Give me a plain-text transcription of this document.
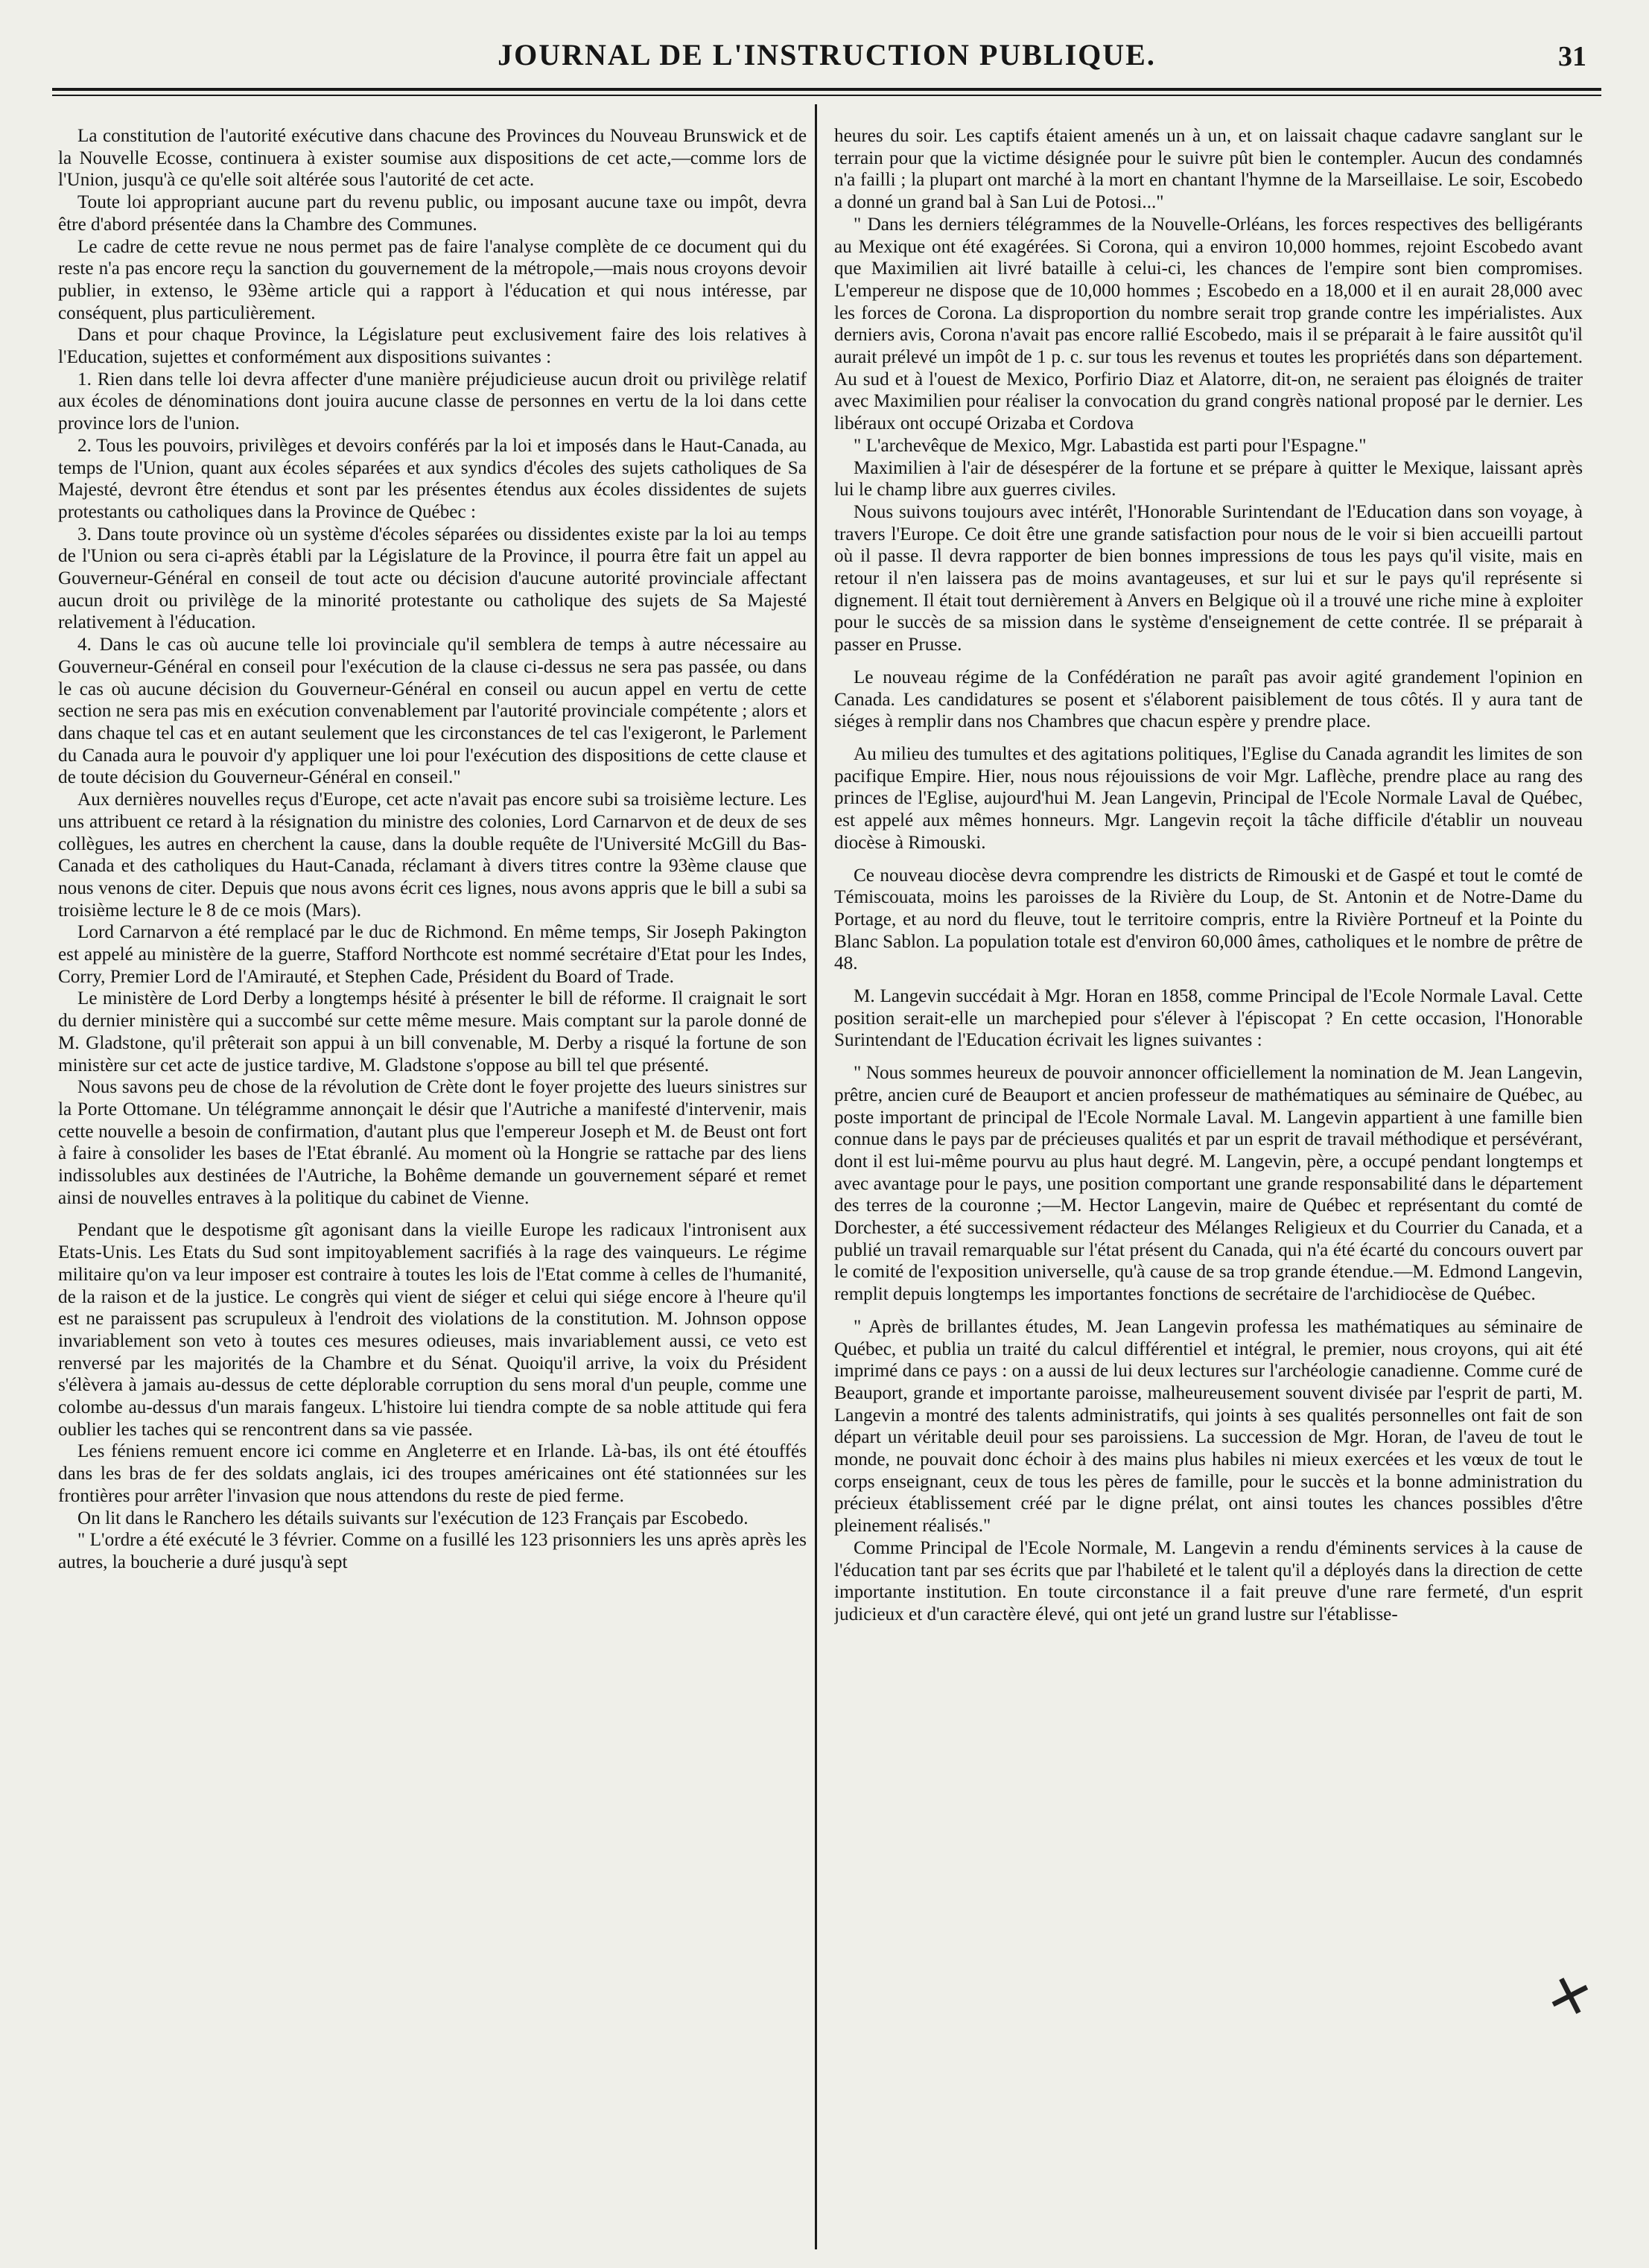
JOURNAL DE L'INSTRUCTION PUBLIQUE.	31

La constitution de l'autorité exécutive dans chacune des Provinces du Nouveau Brunswick et de la Nouvelle Ecosse, continuera à exister soumise aux dispositions de cet acte,—comme lors de l'Union, jusqu'à ce qu'elle soit altérée sous l'autorité de cet acte.

Toute loi appropriant aucune part du revenu public, ou imposant aucune taxe ou impôt, devra être d'abord présentée dans la Chambre des Communes.

Le cadre de cette revue ne nous permet pas de faire l'analyse complète de ce document qui du reste n'a pas encore reçu la sanction du gouvernement de la métropole,—mais nous croyons devoir publier, in extenso, le 93ème article qui a rapport à l'éducation et qui nous intéresse, par conséquent, plus particulièrement.

Dans et pour chaque Province, la Législature peut exclusivement faire des lois relatives à l'Education, sujettes et conformément aux dispositions suivantes :

1. Rien dans telle loi devra affecter d'une manière préjudicieuse aucun droit ou privilège relatif aux écoles de dénominations dont jouira aucune classe de personnes en vertu de la loi dans cette province lors de l'union.

2. Tous les pouvoirs, privilèges et devoirs conférés par la loi et imposés dans le Haut-Canada, au temps de l'Union, quant aux écoles séparées et aux syndics d'écoles des sujets catholiques de Sa Majesté, devront être étendus et sont par les présentes étendus aux écoles dissidentes de sujets protestants ou catholiques dans la Province de Québec :

3. Dans toute province où un système d'écoles séparées ou dissidentes existe par la loi au temps de l'Union ou sera ci-après établi par la Législature de la Province, il pourra être fait un appel au Gouverneur-Général en conseil de tout acte ou décision d'aucune autorité provinciale affectant aucun droit ou privilège de la minorité protestante ou catholique des sujets de Sa Majesté relativement à l'éducation.

4. Dans le cas où aucune telle loi provinciale qu'il semblera de temps à autre nécessaire au Gouverneur-Général en conseil pour l'exécution de la clause ci-dessus ne sera pas passée, ou dans le cas où aucune décision du Gouverneur-Général en conseil ou aucun appel en vertu de cette section ne sera pas mis en exécution convenablement par l'autorité provinciale compétente ; alors et dans chaque tel cas et en autant seulement que les circonstances de tel cas l'exigeront, le Parlement du Canada aura le pouvoir d'y appliquer une loi pour l'exécution des dispositions de cette clause et de toute décision du Gouverneur-Général en conseil."

Aux dernières nouvelles reçus d'Europe, cet acte n'avait pas encore subi sa troisième lecture. Les uns attribuent ce retard à la résignation du ministre des colonies, Lord Carnarvon et de deux de ses collègues, les autres en cherchent la cause, dans la double requête de l'Université McGill du Bas-Canada et des catholiques du Haut-Canada, réclamant à divers titres contre la 93ème clause que nous venons de citer. Depuis que nous avons écrit ces lignes, nous avons appris que le bill a subi sa troisième lecture le 8 de ce mois (Mars).

Lord Carnarvon a été remplacé par le duc de Richmond. En même temps, Sir Joseph Pakington est appelé au ministère de la guerre, Stafford Northcote est nommé secrétaire d'Etat pour les Indes, Corry, Premier Lord de l'Amirauté, et Stephen Cade, Président du Board of Trade.

Le ministère de Lord Derby a longtemps hésité à présenter le bill de réforme. Il craignait le sort du dernier ministère qui a succombé sur cette même mesure. Mais comptant sur la parole donné de M. Gladstone, qu'il prêterait son appui à un bill convenable, M. Derby a risqué la fortune de son ministère sur cet acte de justice tardive, M. Gladstone s'oppose au bill tel que présenté.

Nous savons peu de chose de la révolution de Crète dont le foyer projette des lueurs sinistres sur la Porte Ottomane. Un télégramme annonçait le désir que l'Autriche a manifesté d'intervenir, mais cette nouvelle a besoin de confirmation, d'autant plus que l'empereur Joseph et M. de Beust ont fort à faire à consolider les bases de l'Etat ébranlé. Au moment où la Hongrie se rattache par des liens indissolubles aux destinées de l'Autriche, la Bohême demande un gouvernement séparé et remet ainsi de nouvelles entraves à la politique du cabinet de Vienne.

Pendant que le despotisme gît agonisant dans la vieille Europe les radicaux l'intronisent aux Etats-Unis. Les Etats du Sud sont impitoyablement sacrifiés à la rage des vainqueurs. Le régime militaire qu'on va leur imposer est contraire à toutes les lois de l'Etat comme à celles de l'humanité, de la raison et de la justice. Le congrès qui vient de siéger et celui qui siége encore à l'heure qu'il est ne paraissent pas scrupuleux à l'endroit des violations de la constitution. M. Johnson oppose invariablement son veto à toutes ces mesures odieuses, mais invariablement aussi, ce veto est renversé par les majorités de la Chambre et du Sénat. Quoiqu'il arrive, la voix du Président s'élèvera à jamais au-dessus de cette déplorable corruption du sens moral d'un peuple, comme une colombe au-dessus d'un marais fangeux. L'histoire lui tiendra compte de sa noble attitude qui fera oublier les taches qui se rencontrent dans sa vie passée.

Les féniens remuent encore ici comme en Angleterre et en Irlande. Là-bas, ils ont été étouffés dans les bras de fer des soldats anglais, ici des troupes américaines ont été stationnées sur les frontières pour arrêter l'invasion que nous attendons du reste de pied ferme.

On lit dans le Ranchero les détails suivants sur l'exécution de 123 Français par Escobedo.

" L'ordre a été exécuté le 3 février. Comme on a fusillé les 123 prisonniers les uns après après les autres, la boucherie a duré jusqu'à sept

heures du soir. Les captifs étaient amenés un à un, et on laissait chaque cadavre sanglant sur le terrain pour que la victime désignée pour le suivre pût bien le contempler. Aucun des condamnés n'a failli ; la plupart ont marché à la mort en chantant l'hymne de la Marseillaise. Le soir, Escobedo a donné un grand bal à San Lui de Potosi..."

" Dans les derniers télégrammes de la Nouvelle-Orléans, les forces respectives des belligérants au Mexique ont été exagérées. Si Corona, qui a environ 10,000 hommes, rejoint Escobedo avant que Maximilien ait livré bataille à celui-ci, les chances de l'empire sont bien compromises. L'empereur ne dispose que de 10,000 hommes ; Escobedo en a 18,000 et il en aurait 28,000 avec les forces de Corona. La disproportion du nombre serait trop grande contre les impérialistes. Aux derniers avis, Corona n'avait pas encore rallié Escobedo, mais il se préparait à le faire aussitôt qu'il aurait prélevé un impôt de 1 p. c. sur tous les revenus et toutes les propriétés dans son département. Au sud et à l'ouest de Mexico, Porfirio Diaz et Alatorre, dit-on, ne seraient pas éloignés de traiter avec Maximilien pour réaliser la convocation du grand congrès national proposé par le dernier. Les libéraux ont occupé Orizaba et Cordova

" L'archevêque de Mexico, Mgr. Labastida est parti pour l'Espagne."

Maximilien à l'air de désespérer de la fortune et se prépare à quitter le Mexique, laissant après lui le champ libre aux guerres civiles.

Nous suivons toujours avec intérêt, l'Honorable Surintendant de l'Education dans son voyage, à travers l'Europe. Ce doit être une grande satisfaction pour nous de le voir si bien accueilli partout où il passe. Il devra rapporter de bien bonnes impressions de tous les pays qu'il visite, mais en retour il n'en laissera pas de moins avantageuses, et sur lui et sur le pays qu'il représente si dignement. Il était tout dernièrement à Anvers en Belgique où il a trouvé une riche mine à exploiter pour le succès de sa mission dans le système d'enseignement de cette contrée. Il se préparait à passer en Prusse.

Le nouveau régime de la Confédération ne paraît pas avoir agité grandement l'opinion en Canada. Les candidatures se posent et s'élaborent paisiblement de tous côtés. Il y aura tant de siéges à remplir dans nos Chambres que chacun espère y prendre place.

Au milieu des tumultes et des agitations politiques, l'Eglise du Canada agrandit les limites de son pacifique Empire. Hier, nous nous réjouissions de voir Mgr. Laflèche, prendre place au rang des princes de l'Eglise, aujourd'hui M. Jean Langevin, Principal de l'Ecole Normale Laval de Québec, est appelé aux mêmes honneurs. Mgr. Langevin reçoit la tâche difficile d'établir un nouveau diocèse à Rimouski.

Ce nouveau diocèse devra comprendre les districts de Rimouski et de Gaspé et tout le comté de Témiscouata, moins les paroisses de la Rivière du Loup, de St. Antonin et de Notre-Dame du Portage, et au nord du fleuve, tout le territoire compris, entre la Rivière Portneuf et la Pointe du Blanc Sablon. La population totale est d'environ 60,000 âmes, catholiques et le nombre de prêtre de 48.

M. Langevin succédait à Mgr. Horan en 1858, comme Principal de l'Ecole Normale Laval. Cette position serait-elle un marchepied pour s'élever à l'épiscopat ? En cette occasion, l'Honorable Surintendant de l'Education écrivait les lignes suivantes :

" Nous sommes heureux de pouvoir annoncer officiellement la nomination de M. Jean Langevin, prêtre, ancien curé de Beauport et ancien professeur de mathématiques au séminaire de Québec, au poste important de principal de l'Ecole Normale Laval. M. Langevin appartient à une famille bien connue dans le pays par de précieuses qualités et par un esprit de travail méthodique et persévérant, dont il est lui-même pourvu au plus haut degré. M. Langevin, père, a occupé pendant longtemps et avec avantage pour le pays, une position comportant une grande responsabilité dans le département des terres de la couronne ;—M. Hector Langevin, maire de Québec et représentant du comté de Dorchester, a été successivement rédacteur des Mélanges Religieux et du Courrier du Canada, et a publié un travail remarquable sur l'état présent du Canada, qui n'a été écarté du concours ouvert par le comité de l'exposition universelle, qu'à cause de sa trop grande étendue.—M. Edmond Langevin, remplit depuis longtemps les importantes fonctions de secrétaire de l'archidiocèse de Québec.

" Après de brillantes études, M. Jean Langevin professa les mathématiques au séminaire de Québec, et publia un traité du calcul différentiel et intégral, le premier, nous croyons, qui ait été imprimé dans ce pays : on a aussi de lui deux lectures sur l'archéologie canadienne. Comme curé de Beauport, grande et importante paroisse, malheureusement souvent divisée par l'esprit de parti, M. Langevin a montré des talents administratifs, qui joints à ses qualités personnelles ont fait de son départ un véritable deuil pour ses paroissiens. La succession de Mgr. Horan, de l'aveu de tout le monde, ne pouvait donc échoir à des mains plus habiles ni mieux exercées et les vœux de tout le corps enseignant, ceux de tous les pères de famille, pour le succès et la bonne administration du précieux établissement créé par le digne prélat, ont ainsi toutes les chances possibles d'être pleinement réalisés."

Comme Principal de l'Ecole Normale, M. Langevin a rendu d'éminents services à la cause de l'éducation tant par ses écrits que par l'habileté et le talent qu'il a déployés dans la direction de cette importante institution. En toute circonstance il a fait preuve d'une rare fermeté, d'un esprit judicieux et d'un caractère élevé, qui ont jeté un grand lustre sur l'établisse-

✕
